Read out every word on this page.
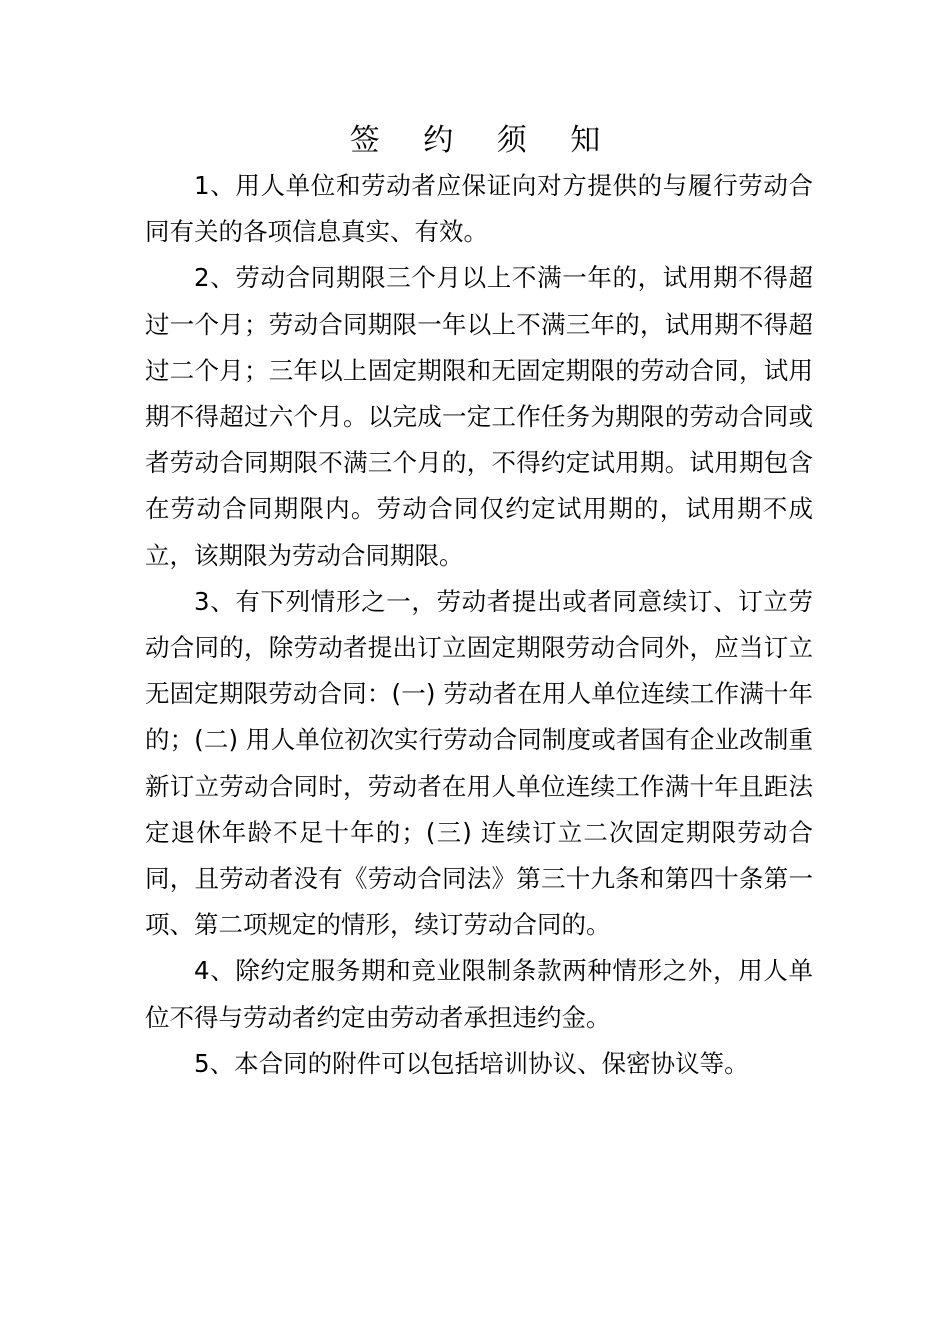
签 约 须 知

1、用人单位和劳动者应保证向对方提供的与履行劳动合同有关的各项信息真实、有效。

2、劳动合同期限三个月以上不满一年的，试用期不得超过一个月；劳动合同期限一年以上不满三年的，试用期不得超过二个月；三年以上固定期限和无固定期限的劳动合同，试用期不得超过六个月。以完成一定工作任务为期限的劳动合同或者劳动合同期限不满三个月的，不得约定试用期。试用期包含在劳动合同期限内。劳动合同仅约定试用期的，试用期不成立，该期限为劳动合同期限。

3、有下列情形之一，劳动者提出或者同意续订、订立劳动合同的，除劳动者提出订立固定期限劳动合同外，应当订立无固定期限劳动合同：(一) 劳动者在用人单位连续工作满十年的；(二) 用人单位初次实行劳动合同制度或者国有企业改制重新订立劳动合同时，劳动者在用人单位连续工作满十年且距法定退休年龄不足十年的；(三) 连续订立二次固定期限劳动合同，且劳动者没有《劳动合同法》第三十九条和第四十条第一项、第二项规定的情形，续订劳动合同的。

4、除约定服务期和竞业限制条款两种情形之外，用人单位不得与劳动者约定由劳动者承担违约金。

5、本合同的附件可以包括培训协议、保密协议等。
